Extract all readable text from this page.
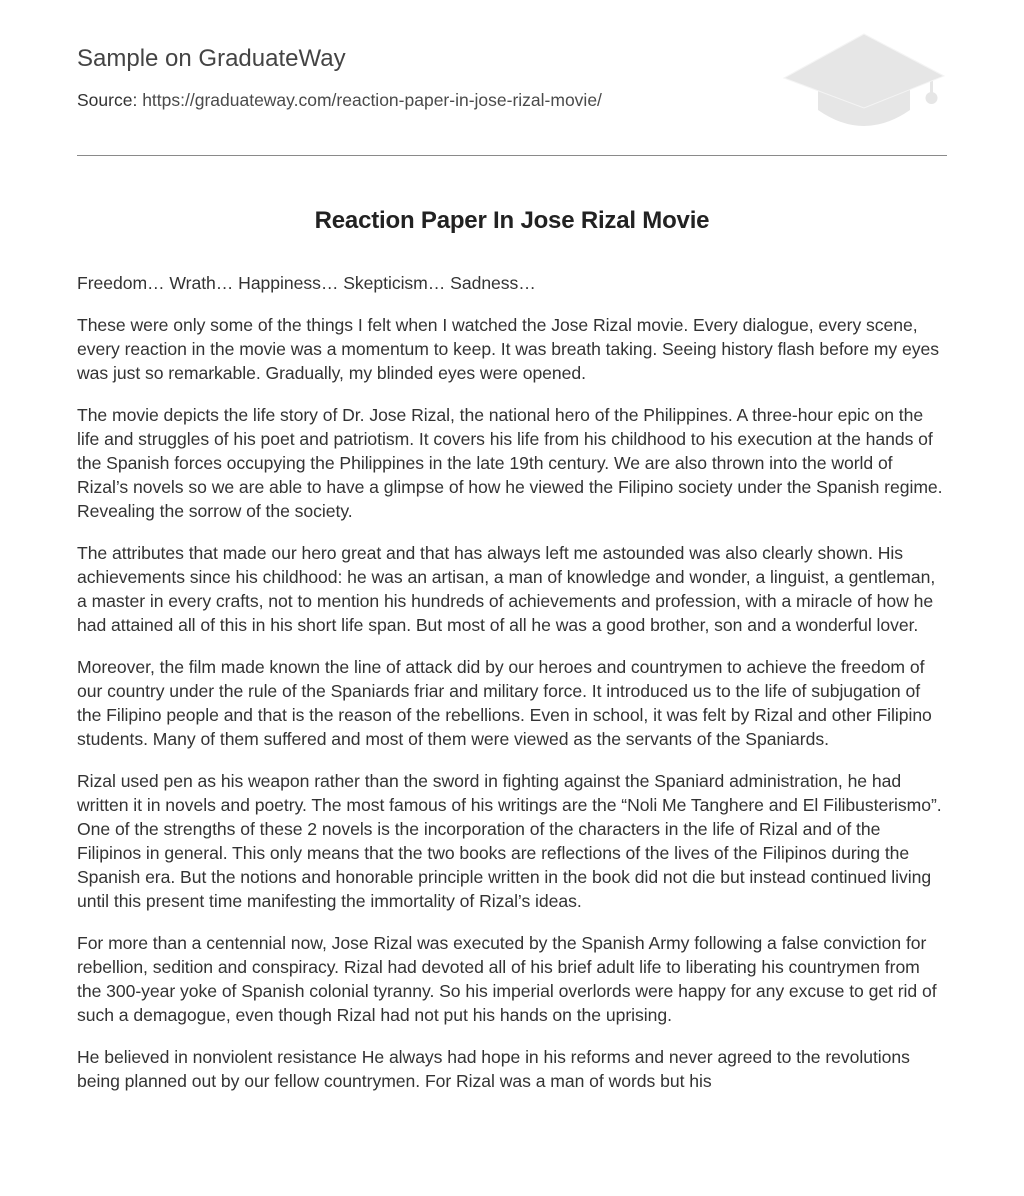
Sample on GraduateWay
Source: https://graduateway.com/reaction-paper-in-jose-rizal-movie/
Reaction Paper In Jose Rizal Movie

Freedom… Wrath… Happiness… Skepticism… Sadness…

These were only some of the things I felt when I watched the Jose Rizal movie. Every dialogue, every scene, every reaction in the movie was a momentum to keep. It was breath taking. Seeing history flash before my eyes was just so remarkable. Gradually, my blinded eyes were opened.

The movie depicts the life story of Dr. Jose Rizal, the national hero of the Philippines. A three-hour epic on the life and struggles of his poet and patriotism. It covers his life from his childhood to his execution at the hands of the Spanish forces occupying the Philippines in the late 19th century. We are also thrown into the world of Rizal’s novels so we are able to have a glimpse of how he viewed the Filipino society under the Spanish regime. Revealing the sorrow of the society.

The attributes that made our hero great and that has always left me astounded was also clearly shown. His achievements since his childhood: he was an artisan, a man of knowledge and wonder, a linguist, a gentleman, a master in every crafts, not to mention his hundreds of achievements and profession, with a miracle of how he had attained all of this in his short life span. But most of all he was a good brother, son and a wonderful lover.

Moreover, the film made known the line of attack did by our heroes and countrymen to achieve the freedom of our country under the rule of the Spaniards friar and military force. It introduced us to the life of subjugation of the Filipino people and that is the reason of the rebellions. Even in school, it was felt by Rizal and other Filipino students. Many of them suffered and most of them were viewed as the servants of the Spaniards.

Rizal used pen as his weapon rather than the sword in fighting against the Spaniard administration, he had written it in novels and poetry. The most famous of his writings are the “Noli Me Tanghere and El Filibusterismo”. One of the strengths of these 2 novels is the incorporation of the characters in the life of Rizal and of the Filipinos in general. This only means that the two books are reflections of the lives of the Filipinos during the Spanish era. But the notions and honorable principle written in the book did not die but instead continued living until this present time manifesting the immortality of Rizal’s ideas.

For more than a centennial now, Jose Rizal was executed by the Spanish Army following a false conviction for rebellion, sedition and conspiracy. Rizal had devoted all of his brief adult life to liberating his countrymen from the 300-year yoke of Spanish colonial tyranny. So his imperial overlords were happy for any excuse to get rid of such a demagogue, even though Rizal had not put his hands on the uprising.

He believed in nonviolent resistance He always had hope in his reforms and never agreed to the revolutions being planned out by our fellow countrymen. For Rizal was a man of words but his
